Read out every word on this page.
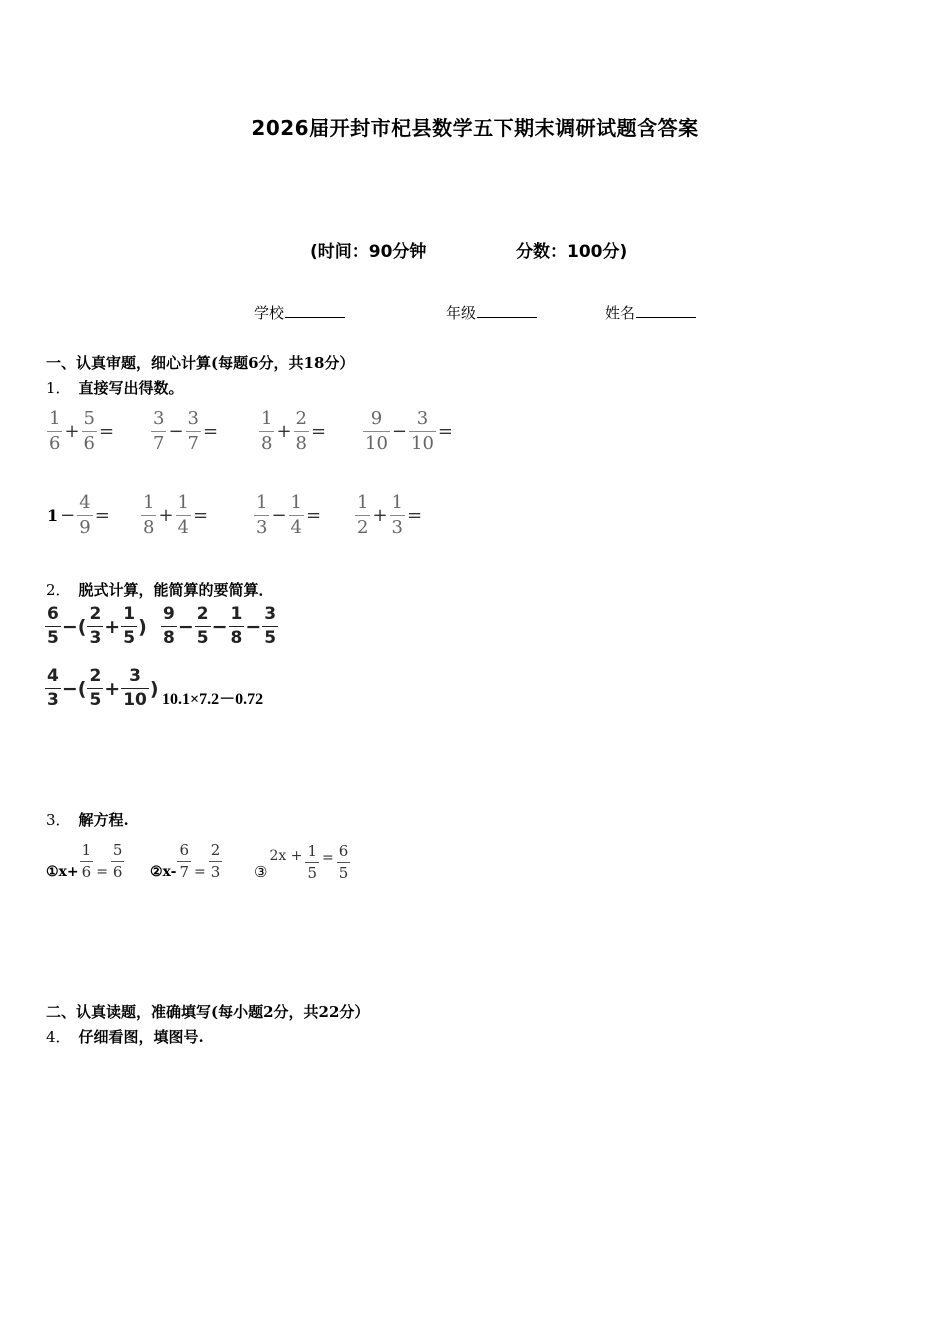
2026届开封市杞县数学五下期末调研试题含答案
(时间：90分钟	分数：100分)
学校	年级	姓名
一、认真审题，细心计算(每题6分，共18分）
1． 直接写出得数。
$\frac{1}{6} + \frac{5}{6} = \frac{3}{7} - \frac{3}{7} = \frac{1}{8} + \frac{2}{8} = \frac{9}{10} - \frac{3}{10}$ =
$1 - \frac{4}{9} = \frac{1}{8} + \frac{1}{4}$ =	$\frac{1}{3} - \frac{1}{4} = \frac{1}{2} + \frac{1}{3}$ =
2． 脱式计算，能简算的要简算．
$\frac{6}{5}$ −( $\frac{2}{3} + \frac{1}{5}$ ) $\frac{9}{8} - \frac{2}{5} - \frac{1}{8} - \frac{3}{5}$
$\frac{4}{3}$ −( $\frac{2}{5} + \frac{3}{10}$ ) 10.1×7.2－0.72
3． 解方程.
①x+ $\frac{1}{6} = \frac{5}{6}$ ②x- $\frac{6}{7} = \frac{2}{3}$ ③
$2x + \frac{1}{5} = \frac{6}{5}$
二、认真读题，准确填写(每小题2分，共22分）
4． 仔细看图，填图号.
